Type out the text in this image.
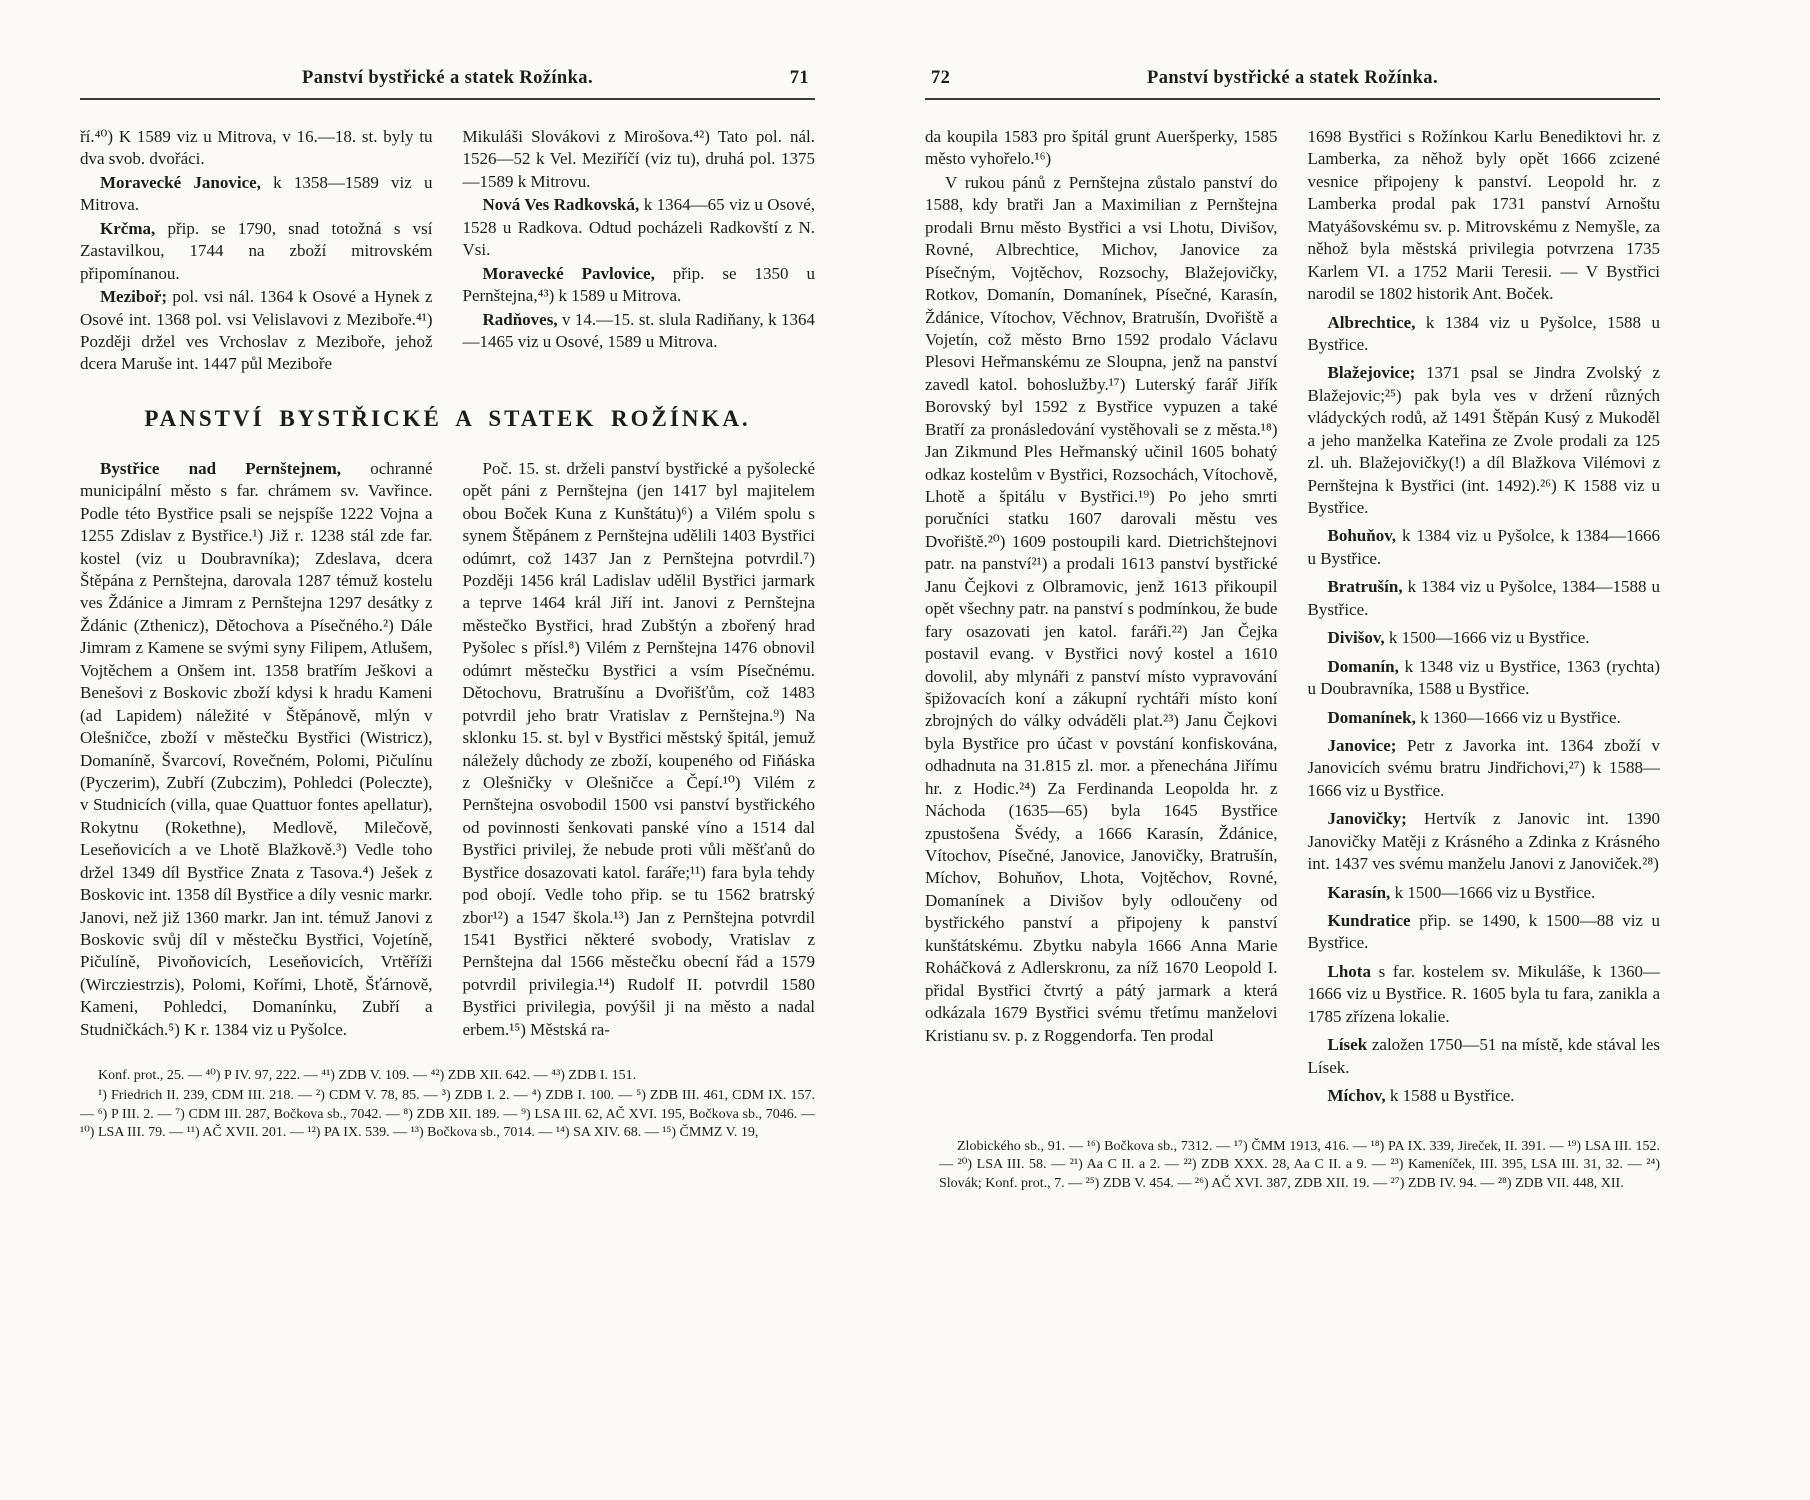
Panství bystřické a statek Rožínka.	71

ří.⁴⁰) K 1589 viz u Mitrova, v 16.—18. st. byly tu dva svob. dvořáci.

Moravecké Janovice, k 1358—1589 viz u Mitrova.

Krčma, přip. se 1790, snad totožná s vsí Zastavilkou, 1744 na zboží mitrovském připomínanou.

Meziboř; pol. vsi nál. 1364 k Osové a Hynek z Osové int. 1368 pol. vsi Velislavovi z Meziboře.⁴¹) Později držel ves Vrchoslav z Meziboře, jehož dcera Maruše int. 1447 půl Meziboře

Mikuláši Slovákovi z Mirošova.⁴²) Tato pol. nál. 1526—52 k Vel. Meziříčí (viz tu), druhá pol. 1375—1589 k Mitrovu.

Nová Ves Radkovská, k 1364—65 viz u Osové, 1528 u Radkova. Odtud pocházeli Radkovští z N. Vsi.

Moravecké Pavlovice, přip. se 1350 u Pernštejna,⁴³) k 1589 u Mitrova.

Radňoves, v 14.—15. st. slula Radiňany, k 1364—1465 viz u Osové, 1589 u Mitrova.

PANSTVÍ BYSTŘICKÉ A STATEK ROŽÍNKA.

Bystřice nad Pernštejnem, ochranné municipální město s far. chrámem sv. Vavřince. Podle této Bystřice psali se nejspíše 1222 Vojna a 1255 Zdislav z Bystřice.¹) Již r. 1238 stál zde far. kostel (viz u Doubravníka); Zdeslava, dcera Štěpána z Pernštejna, darovala 1287 témuž kostelu ves Ždánice a Jimram z Pernštejna 1297 desátky z Ždánic (Zthenicz), Dětochova a Písečného.²) Dále Jimram z Kamene se svými syny Filipem, Atlušem, Vojtěchem a Onšem int. 1358 bratřím Ješkovi a Benešovi z Boskovic zboží kdysi k hradu Kameni (ad Lapidem) náležité v Štěpánově, mlýn v Olešničce, zboží v městečku Bystřici (Wistricz), Domaníně, Švarcoví, Rovečném, Polomi, Pičulínu (Pyczerim), Zubří (Zubczim), Pohledci (Poleczte), v Studnicích (villa, quae Quattuor fontes apellatur), Rokytnu (Rokethne), Medlově, Milečově, Leseňovicích a ve Lhotě Blažkově.³) Vedle toho držel 1349 díl Bystřice Znata z Tasova.⁴) Ješek z Boskovic int. 1358 díl Bystřice a díly vesnic markr. Janovi, než již 1360 markr. Jan int. témuž Janovi z Boskovic svůj díl v městečku Bystřici, Vojetíně, Pičulíně, Pivoňovicích, Leseňovicích, Vrtěříži (Wircziestrzis), Polomi, Kořími, Lhotě, Šťárnově, Kameni, Pohledci, Domanínku, Zubří a Studničkách.⁵) K r. 1384 viz u Pyšolce.

Poč. 15. st. drželi panství bystřické a pyšolecké opět páni z Pernštejna (jen 1417 byl majitelem obou Boček Kuna z Kunštátu)⁶) a Vilém spolu s synem Štěpánem z Pernštejna udělili 1403 Bystřici odúmrt, což 1437 Jan z Pernštejna potvrdil.⁷) Později 1456 král Ladislav udělil Bystřici jarmark a teprve 1464 král Jiří int. Janovi z Pernštejna městečko Bystřici, hrad Zubštýn a zbořený hrad Pyšolec s přísl.⁸) Vilém z Pernštejna 1476 obnovil odúmrt městečku Bystřici a vsím Písečnému. Dětochovu, Bratrušínu a Dvořišťům, což 1483 potvrdil jeho bratr Vratislav z Pernštejna.⁹) Na sklonku 15. st. byl v Bystřici městský špitál, jemuž náležely důchody ze zboží, koupeného od Fiňáska z Olešničky v Olešničce a Čepí.¹⁰) Vilém z Pernštejna osvobodil 1500 vsi panství bystřického od povinnosti šenkovati panské víno a 1514 dal Bystřici privilej, že nebude proti vůli měšťanů do Bystřice dosazovati katol. faráře;¹¹) fara byla tehdy pod obojí. Vedle toho přip. se tu 1562 bratrský zbor¹²) a 1547 škola.¹³) Jan z Pernštejna potvrdil 1541 Bystřici některé svobody, Vratislav z Pernštejna dal 1566 městečku obecní řád a 1579 potvrdil privilegia.¹⁴) Rudolf II. potvrdil 1580 Bystřici privilegia, povýšil ji na město a nadal erbem.¹⁵) Městská ra-

Konf. prot., 25. — ⁴⁰) P IV. 97, 222. — ⁴¹) ZDB V. 109. — ⁴²) ZDB XII. 642. — ⁴³) ZDB I. 151.

¹) Friedrich II. 239, CDM III. 218. — ²) CDM V. 78, 85. — ³) ZDB I. 2. — ⁴) ZDB I. 100. — ⁵) ZDB III. 461, CDM IX. 157. — ⁶) P III. 2. — ⁷) CDM III. 287, Bočkova sb., 7042. — ⁸) ZDB XII. 189. — ⁹) LSA III. 62, AČ XVI. 195, Bočkova sb., 7046. — ¹⁰) LSA III. 79. — ¹¹) AČ XVII. 201. — ¹²) PA IX. 539. — ¹³) Bočkova sb., 7014. — ¹⁴) SA XIV. 68. — ¹⁵) ČMMZ V. 19,

72	Panství bystřické a statek Rožínka.

da koupila 1583 pro špitál grunt Aueršperky, 1585 město vyhořelo.¹⁶)

V rukou pánů z Pernštejna zůstalo panství do 1588, kdy bratři Jan a Maximilian z Pernštejna prodali Brnu město Bystřici a vsi Lhotu, Divišov, Rovné, Albrechtice, Michov, Janovice za Písečným, Vojtěchov, Rozsochy, Blažejovičky, Rotkov, Domanín, Domanínek, Písečné, Karasín, Ždánice, Vítochov, Věchnov, Bratrušín, Dvořiště a Vojetín, což město Brno 1592 prodalo Václavu Plesovi Heřmanskému ze Sloupna, jenž na panství zavedl katol. bohoslužby.¹⁷) Luterský farář Jiřík Borovský byl 1592 z Bystřice vypuzen a také Bratří za pronásledování vystěhovali se z města.¹⁸) Jan Zikmund Ples Heřmanský učinil 1605 bohatý odkaz kostelům v Bystřici, Rozsochách, Vítochově, Lhotě a špitálu v Bystřici.¹⁹) Po jeho smrti poručníci statku 1607 darovali městu ves Dvořiště.²⁰) 1609 postoupili kard. Dietrichštejnovi patr. na panství²¹) a prodali 1613 panství bystřické Janu Čejkovi z Olbramovic, jenž 1613 přikoupil opět všechny patr. na panství s podmínkou, že bude fary osazovati jen katol. faráři.²²) Jan Čejka postavil evang. v Bystřici nový kostel a 1610 dovolil, aby mlynáři z panství místo vypravování špižovacích koní a zákupní rychtáři místo koní zbrojných do války odváděli plat.²³) Janu Čejkovi byla Bystřice pro účast v povstání konfiskována, odhadnuta na 31.815 zl. mor. a přenechána Jiřímu hr. z Hodic.²⁴) Za Ferdinanda Leopolda hr. z Náchoda (1635—65) byla 1645 Bystřice zpustošena Švédy, a 1666 Karasín, Ždánice, Vítochov, Písečné, Janovice, Janovičky, Bratrušín, Míchov, Bohuňov, Lhota, Vojtěchov, Rovné, Domanínek a Divišov byly odloučeny od bystřického panství a připojeny k panství kunštátskému. Zbytku nabyla 1666 Anna Marie Roháčková z Adlerskronu, za níž 1670 Leopold I. přidal Bystřici čtvrtý a pátý jarmark a která odkázala 1679 Bystřici svému třetímu manželovi Kristianu sv. p. z Roggendorfa. Ten prodal

1698 Bystřici s Rožínkou Karlu Benediktovi hr. z Lamberka, za něhož byly opět 1666 zcizené vesnice připojeny k panství. Leopold hr. z Lamberka prodal pak 1731 panství Arnoštu Matyášovskému sv. p. Mitrovskému z Nemyšle, za něhož byla městská privilegia potvrzena 1735 Karlem VI. a 1752 Marii Teresii. — V Bystřici narodil se 1802 historik Ant. Boček.

Albrechtice, k 1384 viz u Pyšolce, 1588 u Bystřice.

Blažejovice; 1371 psal se Jindra Zvolský z Blažejovic;²⁵) pak byla ves v držení různých vládyckých rodů, až 1491 Štěpán Kusý z Mukoděl a jeho manželka Kateřina ze Zvole prodali za 125 zl. uh. Blažejovičky(!) a díl Blažkova Vilémovi z Pernštejna k Bystřici (int. 1492).²⁶) K 1588 viz u Bystřice.

Bohuňov, k 1384 viz u Pyšolce, k 1384—1666 u Bystřice.

Bratrušín, k 1384 viz u Pyšolce, 1384—1588 u Bystřice.

Divišov, k 1500—1666 viz u Bystřice.

Domanín, k 1348 viz u Bystřice, 1363 (rychta) u Doubravníka, 1588 u Bystřice.

Domanínek, k 1360—1666 viz u Bystřice.

Janovice; Petr z Javorka int. 1364 zboží v Janovicích svému bratru Jindřichovi,²⁷) k 1588—1666 viz u Bystřice.

Janovičky; Hertvík z Janovic int. 1390 Janovičky Matěji z Krásného a Zdinka z Krásného int. 1437 ves svému manželu Janovi z Janoviček.²⁸)

Karasín, k 1500—1666 viz u Bystřice.

Kundratice přip. se 1490, k 1500—88 viz u Bystřice.

Lhota s far. kostelem sv. Mikuláše, k 1360—1666 viz u Bystřice. R. 1605 byla tu fara, zanikla a 1785 zřízena lokalie.

Lísek založen 1750—51 na místě, kde stával les Lísek.

Míchov, k 1588 u Bystřice.

Zlobického sb., 91. — ¹⁶) Bočkova sb., 7312. — ¹⁷) ČMM 1913, 416. — ¹⁸) PA IX. 339, Jireček, II. 391. — ¹⁹) LSA III. 152. — ²⁰) LSA III. 58. — ²¹) Aa C II. a 2. — ²²) ZDB XXX. 28, Aa C II. a 9. — ²³) Kameníček, III. 395, LSA III. 31, 32. — ²⁴) Slovák; Konf. prot., 7. — ²⁵) ZDB V. 454. — ²⁶) AČ XVI. 387, ZDB XII. 19. — ²⁷) ZDB IV. 94. — ²⁸) ZDB VII. 448, XII.
